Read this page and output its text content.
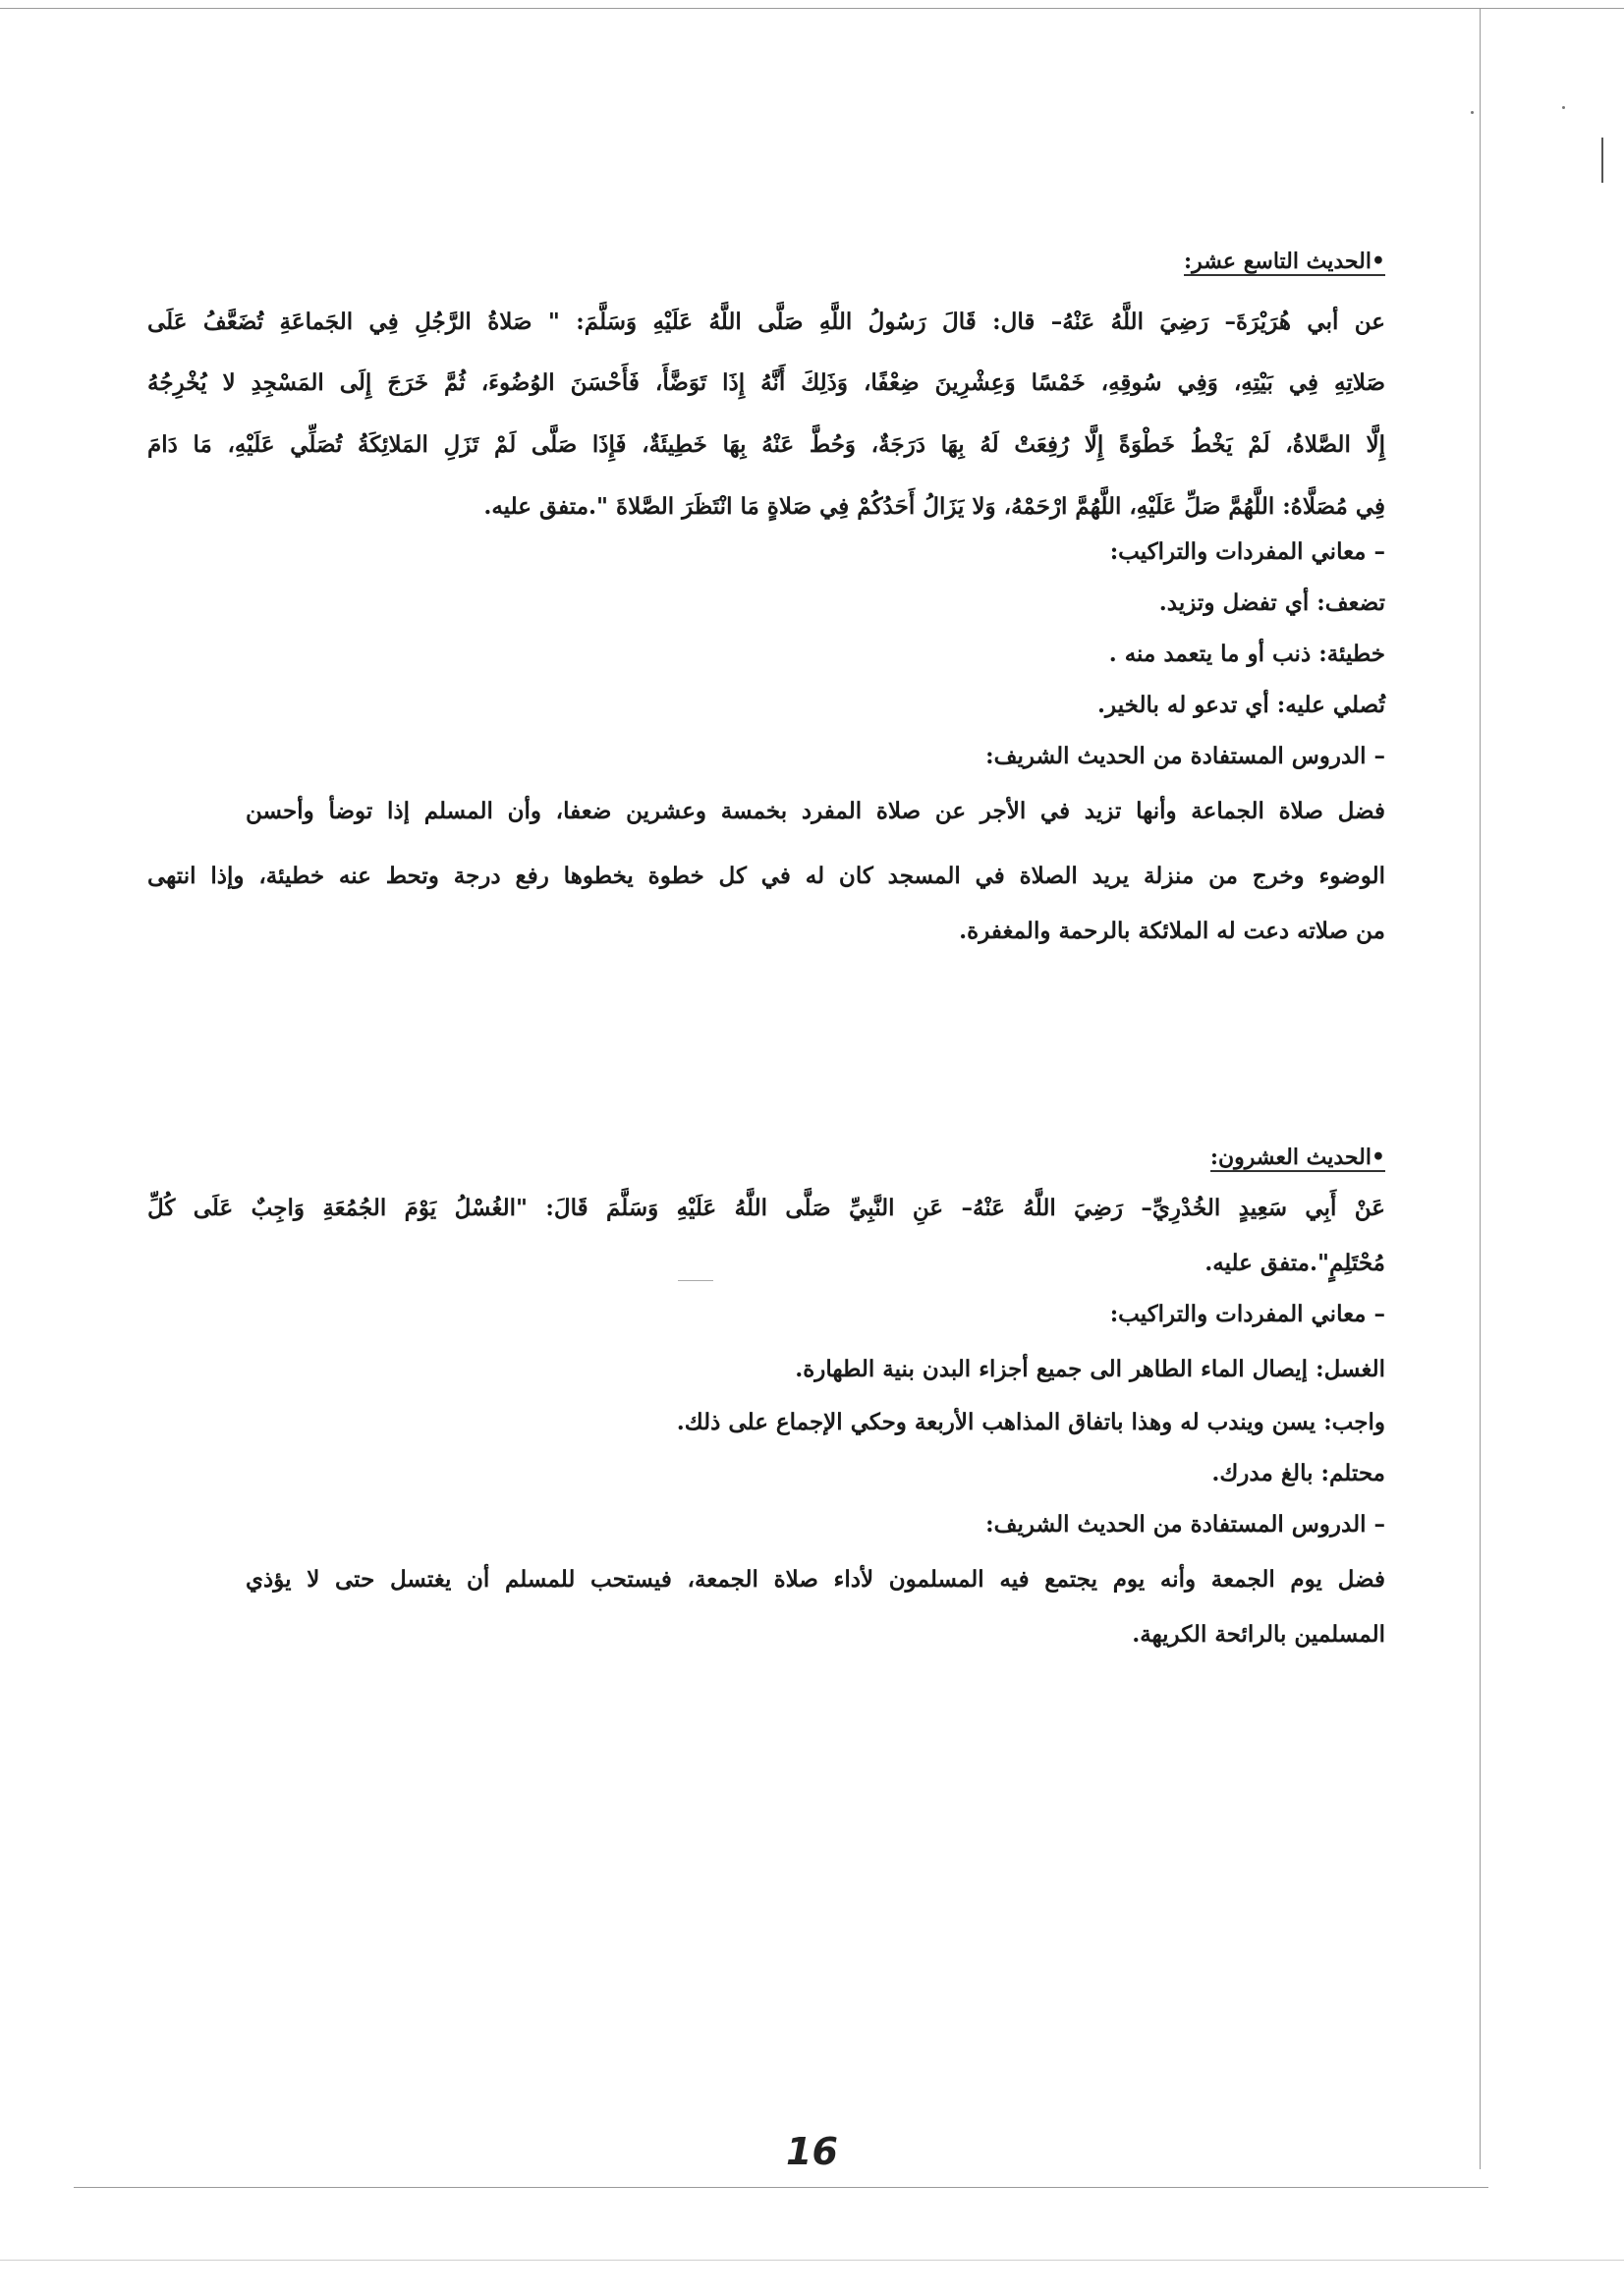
•الحديث التاسع عشر:
عن أبي هُرَيْرَةَ– رَضِيَ اللَّهُ عَنْهُ– قال: قَالَ رَسُولُ اللَّهِ صَلَّى اللَّهُ عَلَيْهِ وَسَلَّمَ: " صَلاةُ الرَّجُلِ فِي الجَماعَةِ تُضَعَّفُ عَلَى
صَلاتِهِ فِي بَيْتِهِ، وَفِي سُوقِهِ، خَمْسًا وَعِشْرِينَ ضِعْفًا، وَذَلِكَ أَنَّهُ إِذَا تَوَضَّأَ، فَأَحْسَنَ الوُضُوءَ، ثُمَّ خَرَجَ إِلَى المَسْجِدِ لا يُخْرِجُهُ
إِلَّا الصَّلاةُ، لَمْ يَخْطُ خَطْوَةً إِلَّا رُفِعَتْ لَهُ بِهَا دَرَجَةٌ، وَحُطَّ عَنْهُ بِهَا خَطِيئَةٌ، فَإِذَا صَلَّى لَمْ تَزَلِ المَلائِكَةُ تُصَلِّي عَلَيْهِ، مَا دَامَ
فِي مُصَلَّاهُ: اللَّهُمَّ صَلِّ عَلَيْهِ، اللَّهُمَّ ارْحَمْهُ، وَلا يَزَالُ أَحَدُكُمْ فِي صَلاةٍ مَا انْتَظَرَ الصَّلاةَ ".متفق عليه.
– معاني المفردات والتراكيب:
تضعف: أي تفضل وتزيد.
خطيئة: ذنب أو ما يتعمد منه .
تُصلي عليه: أي تدعو له بالخير.
– الدروس المستفادة من الحديث الشريف:
فضل صلاة الجماعة وأنها تزيد في الأجر عن صلاة المفرد بخمسة وعشرين ضعفا، وأن المسلم إذا توضأ وأحسن
الوضوء وخرج من منزلة يريد الصلاة في المسجد كان له في كل خطوة يخطوها رفع درجة وتحط عنه خطيئة، وإذا انتهى
من صلاته دعت له الملائكة بالرحمة والمغفرة.
•الحديث العشرون:
عَنْ أَبِي سَعِيدٍ الخُدْرِيِّ– رَضِيَ اللَّهُ عَنْهُ– عَنِ النَّبِيِّ صَلَّى اللَّهُ عَلَيْهِ وَسَلَّمَ قَالَ: "الغُسْلُ يَوْمَ الجُمُعَةِ وَاجِبٌ عَلَى كُلِّ
مُحْتَلِمٍ".متفق عليه.
– معاني المفردات والتراكيب:
الغسل: إيصال الماء الطاهر الى جميع أجزاء البدن بنية الطهارة.
واجب: يسن ويندب له وهذا باتفاق المذاهب الأربعة وحكي الإجماع على ذلك.
محتلم: بالغ مدرك.
– الدروس المستفادة من الحديث الشريف:
فضل يوم الجمعة وأنه يوم يجتمع فيه المسلمون لأداء صلاة الجمعة، فيستحب للمسلم أن يغتسل حتى لا يؤذي
المسلمين بالرائحة الكريهة.
16
